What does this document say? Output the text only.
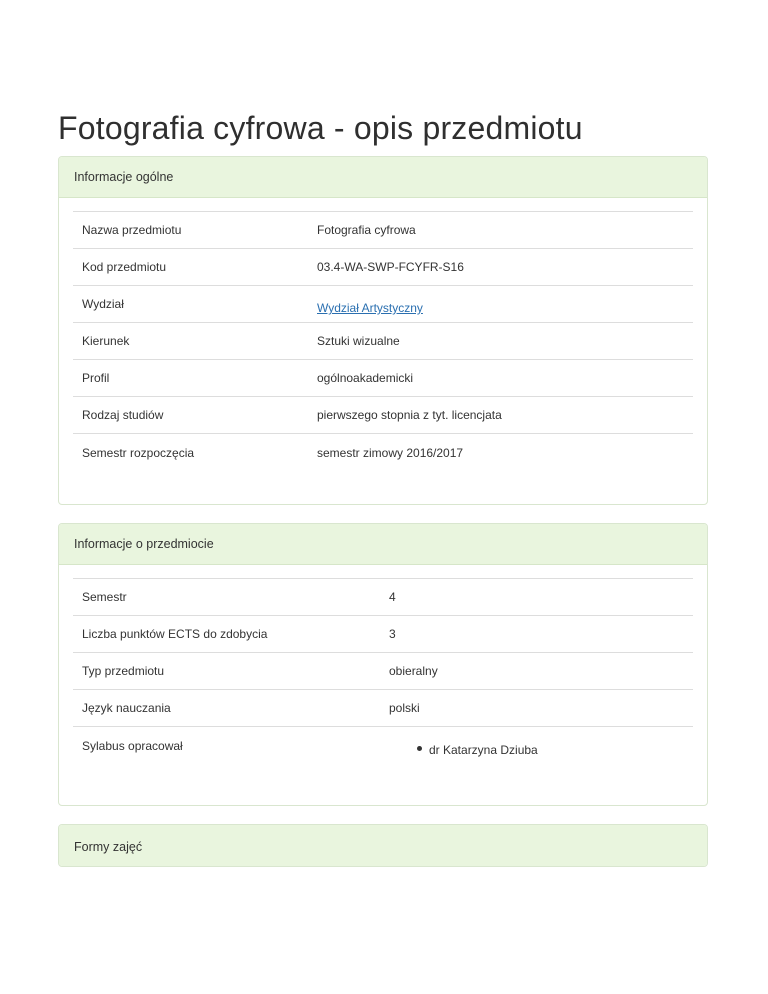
Fotografia cyfrowa - opis przedmiotu
Informacje ogólne
Nazwa przedmiotu	Fotografia cyfrowa
Kod przedmiotu	03.4-WA-SWP-FCYFR-S16
Wydział	Wydział Artystyczny
Kierunek	Sztuki wizualne
Profil	ogólnoakademicki
Rodzaj studiów	pierwszego stopnia z tyt. licencjata
Semestr rozpoczęcia	semestr zimowy 2016/2017
Informacje o przedmiocie
Semestr	4
Liczba punktów ECTS do zdobycia	3
Typ przedmiotu	obieralny
Język nauczania	polski
Sylabus opracował	dr Katarzyna Dziuba
Formy zajęć
